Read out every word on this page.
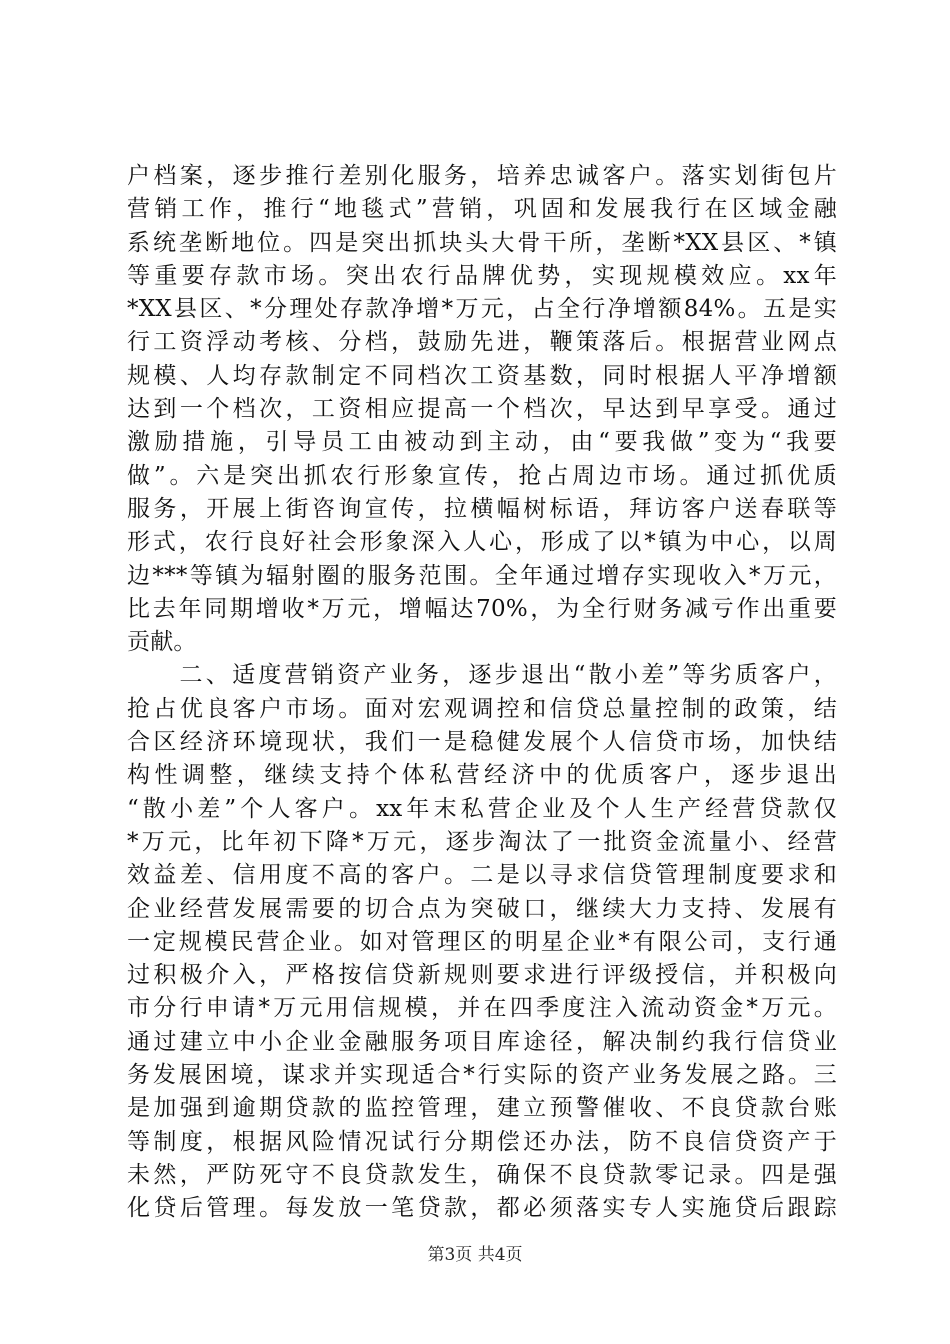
户档案，逐步推行差别化服务，培养忠诚客户。落实划街包片
营销工作，推行“地毯式”营销，巩固和发展我行在区域金融
系统垄断地位。四是突出抓块头大骨干所，垄断*XX县区、*镇
等重要存款市场。突出农行品牌优势，实现规模效应。xx年
*XX县区、*分理处存款净增*万元，占全行净增额84%。五是实
行工资浮动考核、分档，鼓励先进，鞭策落后。根据营业网点
规模、人均存款制定不同档次工资基数，同时根据人平净增额
达到一个档次，工资相应提高一个档次，早达到早享受。通过
激励措施，引导员工由被动到主动，由“要我做”变为“我要
做”。六是突出抓农行形象宣传，抢占周边市场。通过抓优质
服务，开展上街咨询宣传，拉横幅树标语，拜访客户送春联等
形式，农行良好社会形象深入人心，形成了以*镇为中心，以周
边***等镇为辐射圈的服务范围。全年通过增存实现收入*万元，
比去年同期增收*万元，增幅达70%，为全行财务减亏作出重要
贡献。
　　二、适度营销资产业务，逐步退出“散小差”等劣质客户，
抢占优良客户市场。面对宏观调控和信贷总量控制的政策，结
合区经济环境现状，我们一是稳健发展个人信贷市场，加快结
构性调整，继续支持个体私营经济中的优质客户，逐步退出
“散小差”个人客户。xx年末私营企业及个人生产经营贷款仅
*万元，比年初下降*万元，逐步淘汰了一批资金流量小、经营
效益差、信用度不高的客户。二是以寻求信贷管理制度要求和
企业经营发展需要的切合点为突破口，继续大力支持、发展有
一定规模民营企业。如对管理区的明星企业*有限公司，支行通
过积极介入，严格按信贷新规则要求进行评级授信，并积极向
市分行申请*万元用信规模，并在四季度注入流动资金*万元。
通过建立中小企业金融服务项目库途径，解决制约我行信贷业
务发展困境，谋求并实现适合*行实际的资产业务发展之路。三
是加强到逾期贷款的监控管理，建立预警催收、不良贷款台账
等制度，根据风险情况试行分期偿还办法，防不良信贷资产于
未然，严防死守不良贷款发生，确保不良贷款零记录。四是强
化贷后管理。每发放一笔贷款，都必须落实专人实施贷后跟踪
第3页 共4页
